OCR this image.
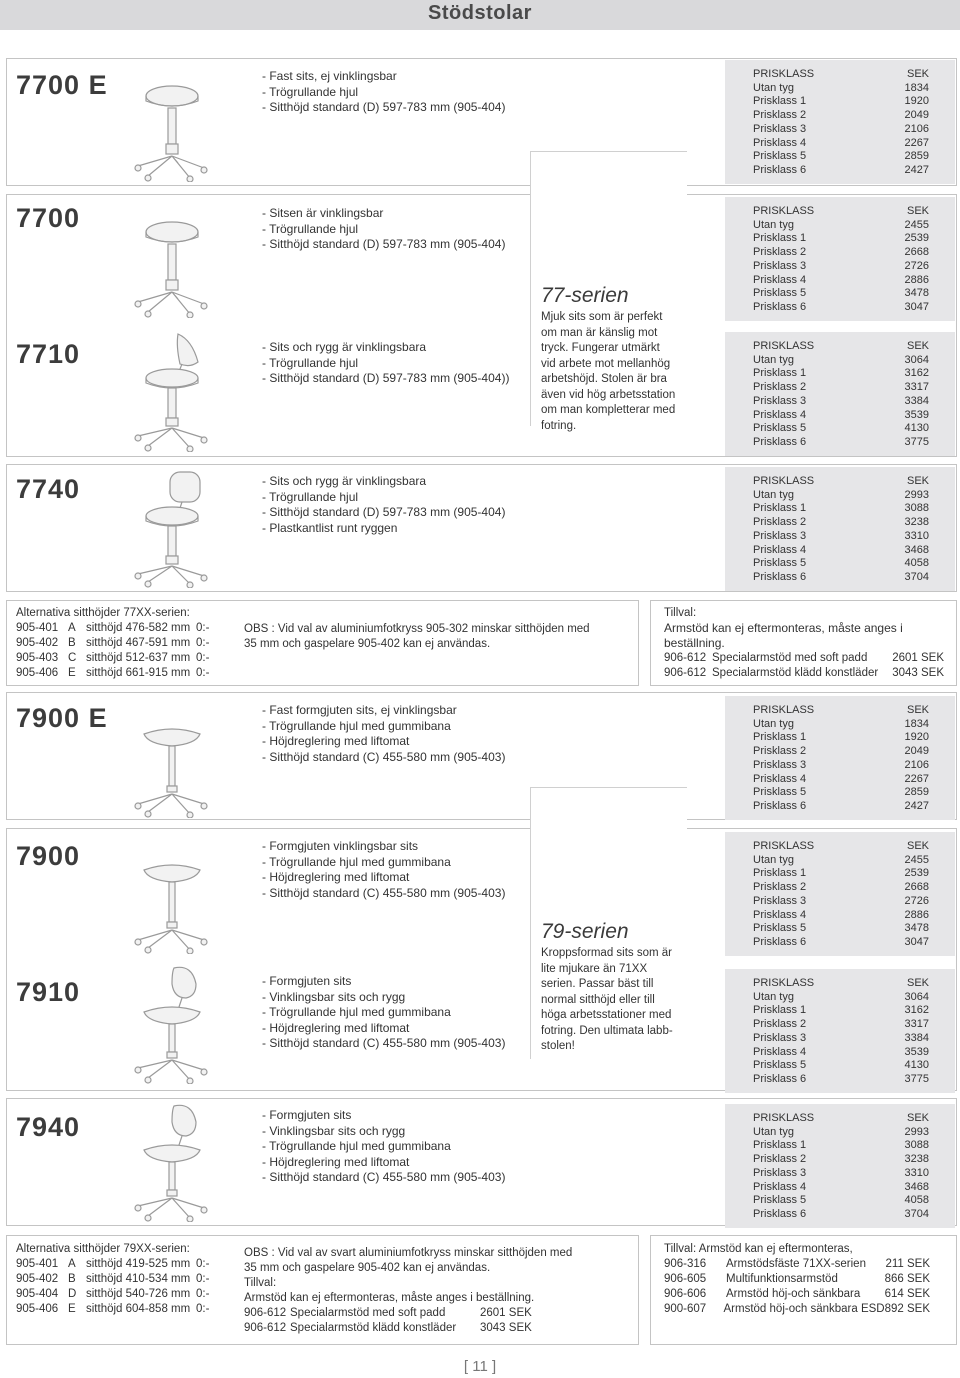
Stödstolar
77-serien
Mjuk sits som är perfekt om man är känslig mot tryck. Fungerar utmärkt vid arbete mot mellanhög arbetshöjd. Stolen är bra även vid hög arbetsstation om man kompletterar med fotring.
79-serien
Kroppsformad sits som är lite mjukare än 71XX serien. Passar bäst till normal sitthöjd eller till höga arbetsstationer med fotring. Den ultimata labb-stolen!
7700 E
7700
7710
7740
7900 E
7900
7910
7940
- Fast sits, ej vinklingsbar
- Trögrullande hjul
- Sitthöjd standard (D) 597-783 mm (905-404)
- Sitsen är vinklingsbar
- Trögrullande hjul
- Sitthöjd standard (D) 597-783 mm (905-404)
- Sits och rygg är vinklingsbara
- Trögrullande hjul
- Sitthöjd standard (D) 597-783 mm (905-404))
- Sits och rygg är vinklingsbara
- Trögrullande hjul
- Sitthöjd standard (D) 597-783 mm (905-404)
- Plastkantlist runt ryggen
- Fast formgjuten sits, ej vinklingsbar
- Trögrullande hjul med gummibana
- Höjdreglering med liftomat
- Sitthöjd standard (C) 455-580 mm (905-403)
- Formgjuten vinklingsbar sits
- Trögrullande hjul med gummibana
- Höjdreglering med liftomat
- Sitthöjd standard (C) 455-580 mm (905-403)
- Formgjuten sits
- Vinklingsbar sits och rygg
- Trögrullande hjul med gummibana
- Höjdreglering med liftomat
- Sitthöjd standard (C) 455-580 mm (905-403)
- Formgjuten sits
- Vinklingsbar sits och rygg
- Trögrullande hjul med gummibana
- Höjdreglering med liftomat
- Sitthöjd standard (C) 455-580 mm (905-403)
PRISKLASS	SEK
Utan tyg	1834
Prisklass 1	1920
Prisklass 2	2049
Prisklass 3	2106
Prisklass 4	2267
Prisklass 5	2859
Prisklass 6	2427
PRISKLASS	SEK
Utan tyg	2455
Prisklass 1	2539
Prisklass 2	2668
Prisklass 3	2726
Prisklass 4	2886
Prisklass 5	3478
Prisklass 6	3047
PRISKLASS	SEK
Utan tyg	3064
Prisklass 1	3162
Prisklass 2	3317
Prisklass 3	3384
Prisklass 4	3539
Prisklass 5	4130
Prisklass 6	3775
PRISKLASS	SEK
Utan tyg	2993
Prisklass 1	3088
Prisklass 2	3238
Prisklass 3	3310
Prisklass 4	3468
Prisklass 5	4058
Prisklass 6	3704
PRISKLASS	SEK
Utan tyg	1834
Prisklass 1	1920
Prisklass 2	2049
Prisklass 3	2106
Prisklass 4	2267
Prisklass 5	2859
Prisklass 6	2427
PRISKLASS	SEK
Utan tyg	2455
Prisklass 1	2539
Prisklass 2	2668
Prisklass 3	2726
Prisklass 4	2886
Prisklass 5	3478
Prisklass 6	3047
PRISKLASS	SEK
Utan tyg	3064
Prisklass 1	3162
Prisklass 2	3317
Prisklass 3	3384
Prisklass 4	3539
Prisklass 5	4130
Prisklass 6	3775
PRISKLASS	SEK
Utan tyg	2993
Prisklass 1	3088
Prisklass 2	3238
Prisklass 3	3310
Prisklass 4	3468
Prisklass 5	4058
Prisklass 6	3704
Alternativa sitthöjder 77XX-serien:
905-401 A sitthöjd 476-582 mm 0:-
905-402 B sitthöjd 467-591 mm 0:-
905-403 C sitthöjd 512-637 mm 0:-
905-406 E sitthöjd 661-915 mm 0:-
OBS : Vid val av aluminiumfotkryss 905-302 minskar sitthöjden med 35 mm och gaspelare 905-402 kan ej användas.
Tillval:
Armstöd kan ej eftermonteras, måste anges i beställning.
906-612 Specialarmstöd med soft padd	2601 SEK
906-612 Specialarmstöd klädd konstläder	3043 SEK
Alternativa sitthöjder 79XX-serien:
905-401 A sitthöjd 419-525 mm 0:-
905-402 B sitthöjd 410-534 mm 0:-
905-404 D sitthöjd 540-726 mm 0:-
905-406 E sitthöjd 604-858 mm 0:-
OBS : Vid val av svart aluminiumfotkryss minskar sitthöjden med 35 mm och gaspelare 905-402 kan ej användas.
Tillval:
Armstöd kan ej eftermonteras, måste anges i beställning.
906-612 Specialarmstöd med soft padd	2601 SEK
906-612 Specialarmstöd klädd konstläder	3043 SEK
Tillval: Armstöd kan ej eftermonteras,
906-316	Armstödsfäste 71XX-serien	211 SEK
906-605	Multifunktionsarmstöd	866 SEK
906-606	Armstöd höj-och sänkbara	614 SEK
900-607	Armstöd höj-och sänkbara ESD 892 SEK
[ 11 ]
